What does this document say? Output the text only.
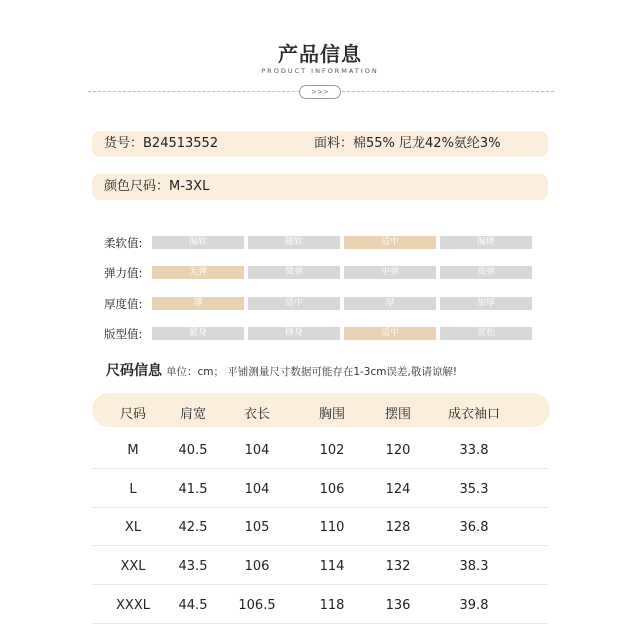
产品信息
PRODUCT INFORMATION
>>>
货号：B24513552	面料：棉55% 尼龙42%氨纶3%
颜色尺码：M-3XL
柔软值:	偏软	随软	适中	偏硬
弹力值:	无弹	微弹	中弹	高弹
厚度值:	薄	适中	厚	加厚
版型值:	紧身	修身	适中	宽松
尺码信息 单位：cm； 平铺测量尺寸数据可能存在1-3cm误差,敬请谅解!
尺码	肩宽	衣长	胸围	摆围	成衣袖口
M	40.5	104	102	120	33.8
L	41.5	104	106	124	35.3
XL	42.5	105	110	128	36.8
XXL	43.5	106	114	132	38.3
XXXL	44.5	106.5	118	136	39.8
